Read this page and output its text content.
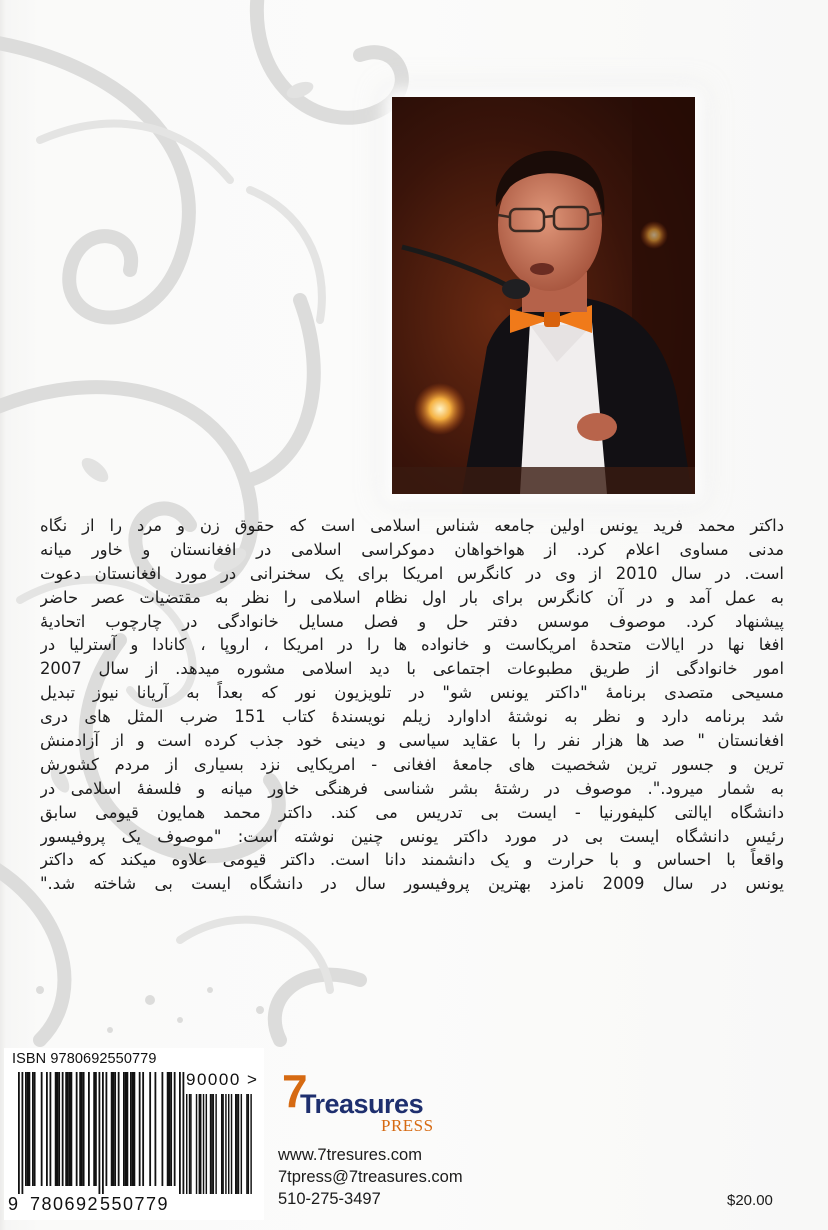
داکتر محمد فرید یونس اولین جامعه شناس اسلامی است که حقوق زن و مرد را از نگاه
مدنی مساوی اعلام کرد. از هواخواهان دموکراسی اسلامی در افغانستان و خاور میانه
است. در سال 2010 از وی در کانگرس امریکا برای یک سخنرانی در مورد افغانستان دعوت
به عمل آمد و در آن کانگرس برای بار اول نظام اسلامی را نظر به مقتضیات عصر حاضر
پیشنهاد کرد. موصوف موسس دفتر حل و فصل مسایل خانوادگی در چارچوب اتحادیۀ
افغا نها در ایالات متحدۀ امریکاست و خانواده ها را در امریکا ، اروپا ، کانادا و آسترلیا در
امور خانوادگی از طریق مطبوعات اجتماعی با دید اسلامی مشوره میدهد. از سال 2007
مسیحی متصدی برنامۀ "داکتر یونس شو" در تلویزیون نور که بعداً به آریانا نیوز تبدیل
شد برنامه دارد و نظر به نوشتۀ اداوارد زیلم نویسندۀ کتاب 151 ضرب المثل های دری
افغانستان " صد ها هزار نفر را با عقاید سیاسی و دینی خود جذب کرده است و از آزادمنش
ترین و جسور ترین شخصیت های جامعۀ افغانی - امریکایی نزد بسیاری از مردم کشورش
به شمار میرود.". موصوف در رشتۀ بشر شناسی فرهنگی خاور میانه و فلسفۀ اسلامی در
دانشگاه ایالتی کلیفورنیا - ایست بی تدریس می کند. داکتر محمد همایون قیومی سابق
رئیس دانشگاه ایست بی در مورد داکتر یونس چنین نوشته است: "موصوف یک پروفیسور
واقعاً با احساس و با حرارت و یک دانشمند دانا است. داکتر قیومی علاوه میکند که داکتر
یونس در سال 2009 نامزد بهترین پروفیسور سال در دانشگاه ایست بی شاخته شد."
ISBN 9780692550779
9 780692 550779
90000 > 7
Treasures
PRESS
www.7tresures.com
7tpress@7treasures.com
510-275-3497	$20.00
